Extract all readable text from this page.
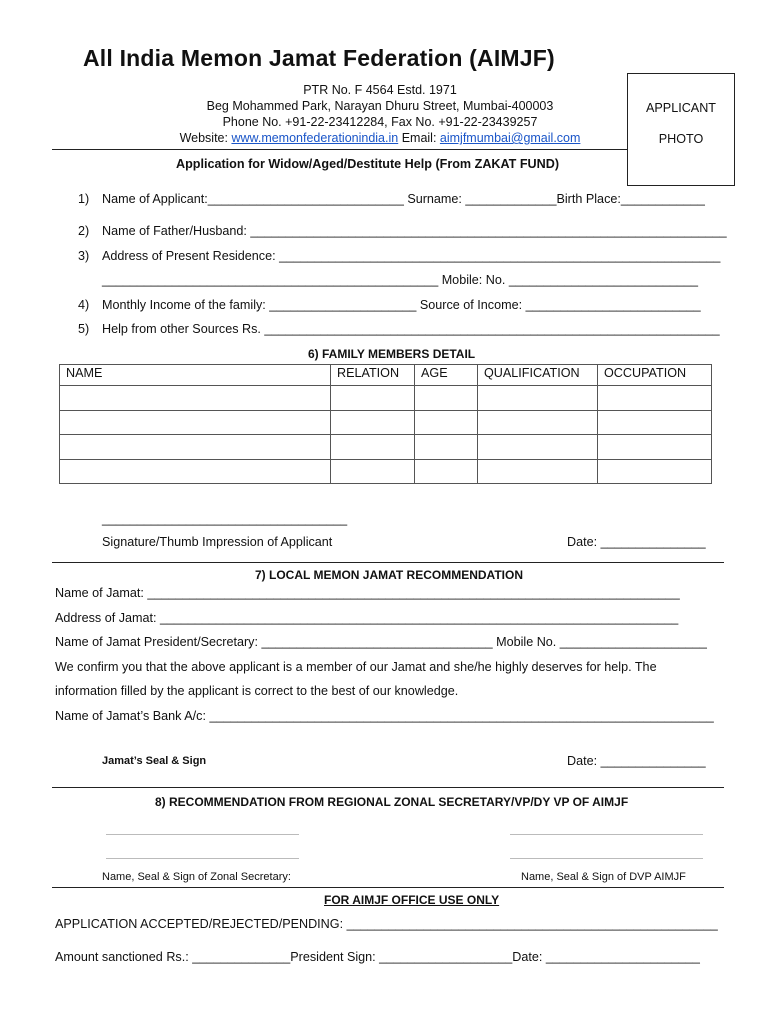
All India Memon Jamat Federation (AIMJF)
PTR No. F 4564 Estd. 1971
Beg Mohammed Park, Narayan Dhuru Street, Mumbai-400003
Phone No. +91-22-23412284, Fax No. +91-22-23439257
Website: www.memonfederationindia.in Email: aimjfmumbai@gmail.com
APPLICANT
PHOTO
Application for Widow/Aged/Destitute Help (From ZAKAT FUND)
1) Name of Applicant:____________________________ Surname: _____________Birth Place:____________
2) Name of Father/Husband: ____________________________________________________________________
3) Address of Present Residence: _______________________________________________________________
________________________________________________ Mobile: No. ___________________________
4) Monthly Income of the family: _____________________ Source of Income: _________________________
5) Help from other Sources Rs. _________________________________________________________________
6) FAMILY MEMBERS DETAIL
NAME	RELATION	AGE	QUALIFICATION	OCCUPATION

___________________________________
Signature/Thumb Impression of Applicant	Date: _______________
7) LOCAL MEMON JAMAT RECOMMENDATION
Name of Jamat: ____________________________________________________________________________
Address of Jamat: __________________________________________________________________________
Name of Jamat President/Secretary: _________________________________ Mobile No. _____________________
We confirm you that the above applicant is a member of our Jamat and she/he highly deserves for help. The
information filled by the applicant is correct to the best of our knowledge.
Name of Jamat’s Bank A/c: ________________________________________________________________________
Jamat’s Seal & Sign	Date: _______________
8) RECOMMENDATION FROM REGIONAL ZONAL SECRETARY/VP/DY VP OF AIMJF
Name, Seal & Sign of Zonal Secretary:	Name, Seal & Sign of DVP AIMJF
FOR AIMJF OFFICE USE ONLY
APPLICATION ACCEPTED/REJECTED/PENDING: _____________________________________________________
Amount sanctioned Rs.: ______________President Sign: ___________________Date: ______________________
